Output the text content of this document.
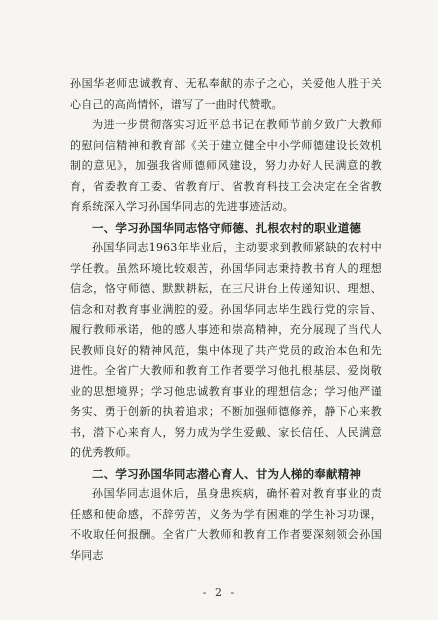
孙国华老师忠诚教育、无私奉献的赤子之心，关爱他人胜于关心自己的高尚情怀，谱写了一曲时代赞歌。

为进一步贯彻落实习近平总书记在教师节前夕致广大教师的慰问信精神和教育部《关于建立健全中小学师德建设长效机制的意见》，加强我省师德师风建设，努力办好人民满意的教育，省委教育工委、省教育厅、省教育科技工会决定在全省教育系统深入学习孙国华同志的先进事迹活动。

一、学习孙国华同志恪守师德、扎根农村的职业道德

孙国华同志1963年毕业后，主动要求到教师紧缺的农村中学任教。虽然环境比较艰苦，孙国华同志秉持教书育人的理想信念，恪守师德、默默耕耘，在三尺讲台上传递知识、理想、信念和对教育事业满腔的爱。孙国华同志毕生践行党的宗旨、履行教师承诺，他的感人事迹和崇高精神，充分展现了当代人民教师良好的精神风范，集中体现了共产党员的政治本色和先进性。全省广大教师和教育工作者要学习他扎根基层、爱岗敬业的思想境界；学习他忠诚教育事业的理想信念；学习他严谨务实、勇于创新的执着追求；不断加强师德修养，静下心来教书，潜下心来育人，努力成为学生爱戴、家长信任、人民满意的优秀教师。

二、学习孙国华同志潜心育人、甘为人梯的奉献精神

孙国华同志退休后，虽身患疾病，确怀着对教育事业的责任感和使命感，不辞劳苦，义务为学有困难的学生补习功课，不收取任何报酬。全省广大教师和教育工作者要深刻领会孙国华同志

- 2 -
